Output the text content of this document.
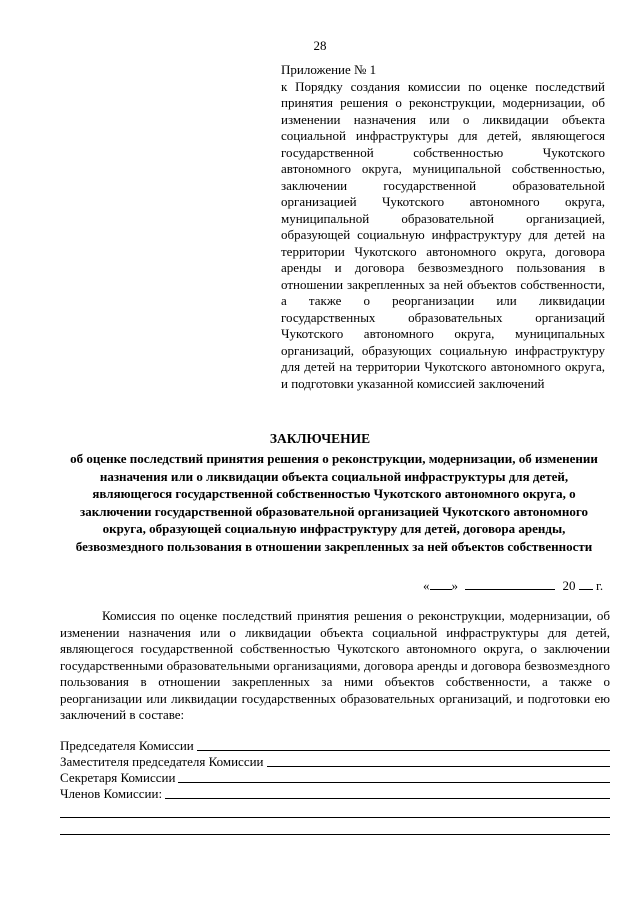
28
Приложение № 1
к Порядку создания комиссии по оценке последствий принятия решения о реконструкции, модернизации, об изменении назначения или о ликвидации объекта социальной инфраструктуры для детей, являющегося государственной собственностью Чукотского автономного округа, муниципальной собственностью, заключении государственной образовательной организацией Чукотского автономного округа, муниципальной образовательной организацией, образующей социальную инфраструктуру для детей на территории Чукотского автономного округа, договора аренды и договора безвозмездного пользования в отношении закрепленных за ней объектов собственности, а также о реорганизации или ликвидации государственных образовательных организаций Чукотского автономного округа, муниципальных организаций, образующих социальную инфраструктуру для детей на территории Чукотского автономного округа, и подготовки указанной комиссией заключений
ЗАКЛЮЧЕНИЕ
об оценке последствий принятия решения о реконструкции, модернизации, об изменении назначения или о ликвидации объекта социальной инфраструктуры для детей, являющегося государственной собственностью Чукотского автономного округа, о заключении государственной образовательной организацией Чукотского автономного округа, образующей социальную инфраструктуру для детей, договора аренды, безвозмездного пользования в отношении закрепленных за ней объектов собственности
« »	20 г.
Комиссия по оценке последствий принятия решения о реконструкции, модернизации, об изменении назначения или о ликвидации объекта социальной инфраструктуры для детей, являющегося государственной собственностью Чукотского автономного округа, о заключении государственными образовательными организациями, договора аренды и договора безвозмездного пользования в отношении закрепленных за ними объектов собственности, а также о реорганизации или ликвидации государственных образовательных организаций, и подготовки ею заключений в составе:
Председателя Комиссии
Заместителя председателя Комиссии
Секретаря Комиссии
Членов Комиссии:
